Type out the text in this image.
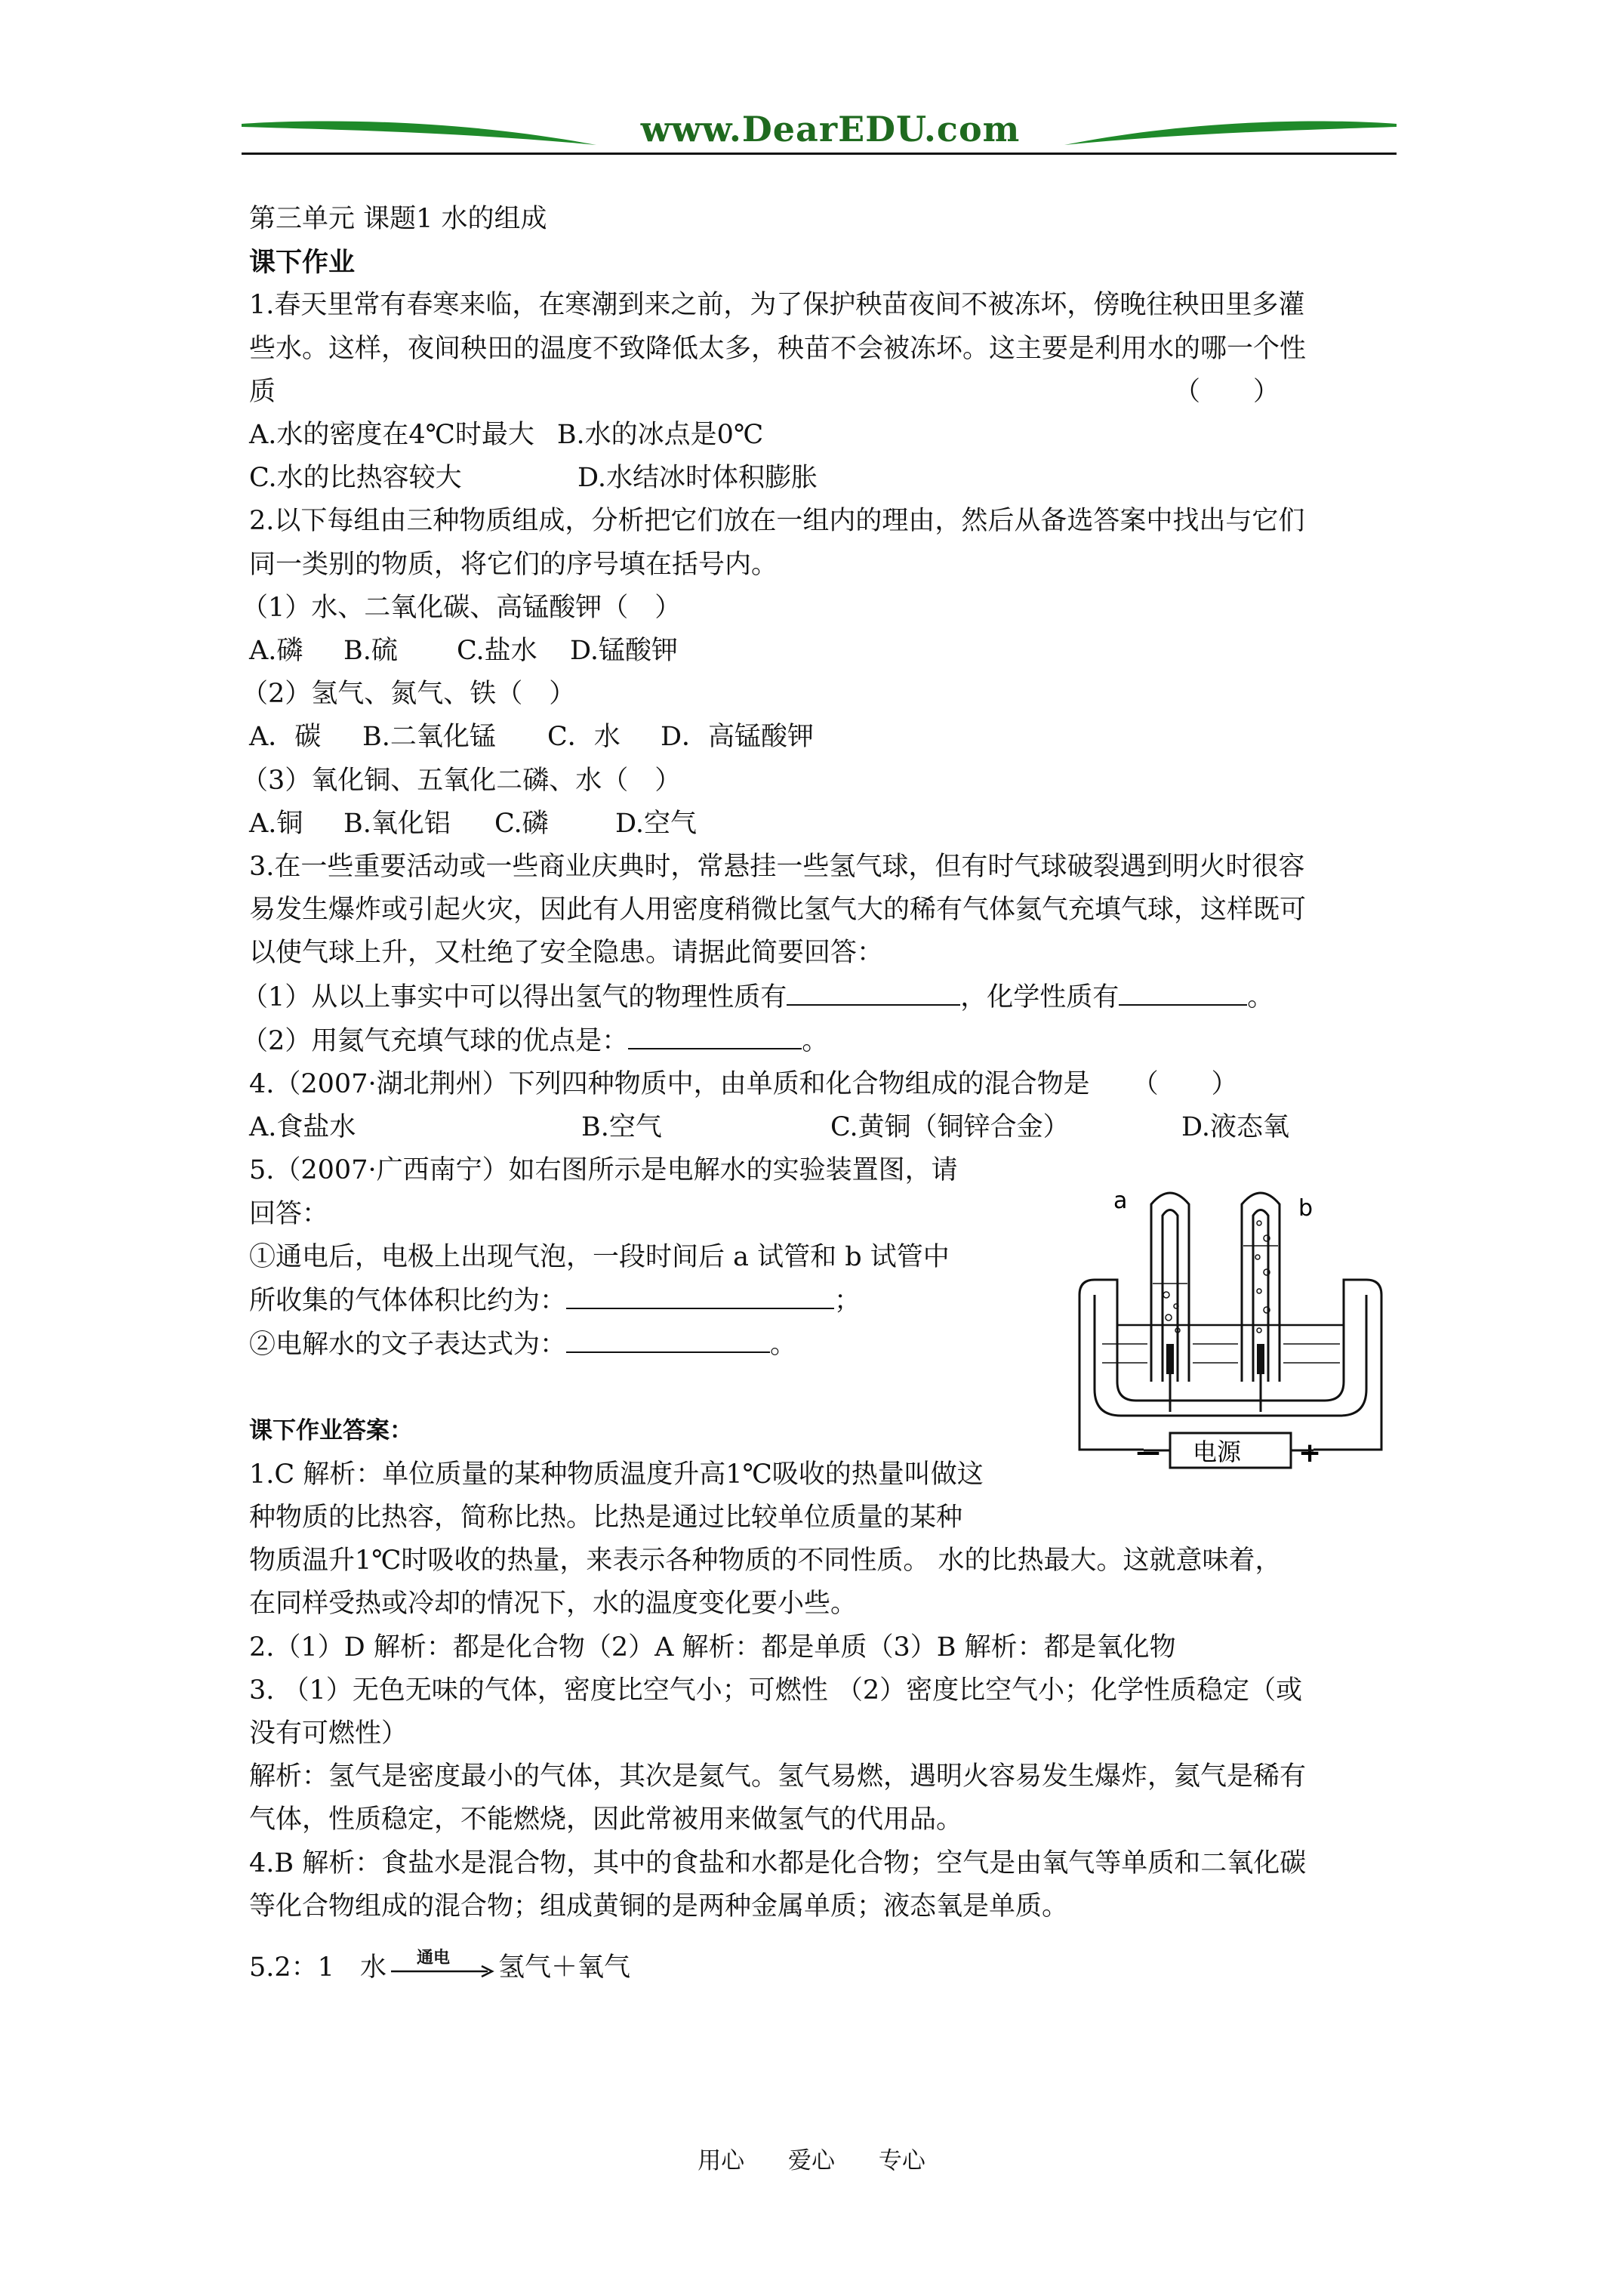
www.DearEDU.com

第三单元 课题1 水的组成

课下作业

1.春天里常有春寒来临，在寒潮到来之前，为了保护秧苗夜间不被冻坏，傍晚往秧田里多灌

些水。这样，夜间秧田的温度不致降低太多，秧苗不会被冻坏。这主要是利用水的哪一个性

质	（　　）

A.水的密度在4℃时最大 B.水的冰点是0℃

C.水的比热容较大	D.水结冰时体积膨胀

2.以下每组由三种物质组成，分析把它们放在一组内的理由，然后从备选答案中找出与它们

同一类别的物质，将它们的序号填在括号内。

（1）水、二氧化碳、高锰酸钾（　）

A.磷 B.硫 C.盐水 D.锰酸钾

（2）氢气、氮气、铁（　）

A．碳 B.二氧化锰 C．水 D．高锰酸钾

（3）氧化铜、五氧化二磷、水（　）

A.铜 B.氧化铝 C.磷	D.空气

3.在一些重要活动或一些商业庆典时，常悬挂一些氢气球，但有时气球破裂遇到明火时很容

易发生爆炸或引起火灾，因此有人用密度稍微比氢气大的稀有气体氦气充填气球，这样既可

以使气球上升，又杜绝了安全隐患。请据此简要回答：

（1）从以上事实中可以得出氢气的物理性质有	，化学性质有	。

（2）用氦气充填气球的优点是：	。

4.（2007·湖北荆州）下列四种物质中，由单质和化合物组成的混合物是 （　　）

A.食盐水	B.空气	C.黄铜（铜锌合金）	D.液态氧

5.（2007·广西南宁）如右图所示是电解水的实验装置图，请

回答：

①通电后，电极上出现气泡，一段时间后 a 试管和 b 试管中

所收集的气体体积比约为：	；

②电解水的文子表达式为：	。

课下作业答案：

1.C 解析：单位质量的某种物质温度升高1℃吸收的热量叫做这

种物质的比热容，简称比热。比热是通过比较单位质量的某种

物质温升1℃时吸收的热量，来表示各种物质的不同性质。 水的比热最大。这就意味着，

在同样受热或冷却的情况下，水的温度变化要小些。

2.（1）D 解析：都是化合物（2）A 解析：都是单质（3）B 解析：都是氧化物

3. （1）无色无味的气体，密度比空气小；可燃性 （2）密度比空气小；化学性质稳定（或

没有可燃性）

解析：氢气是密度最小的气体，其次是氦气。氢气易燃，遇明火容易发生爆炸，氦气是稀有

气体，性质稳定，不能燃烧，因此常被用来做氢气的代用品。

4.B 解析：食盐水是混合物，其中的食盐和水都是化合物；空气是由氧气等单质和二氧化碳

等化合物组成的混合物；组成黄铜的是两种金属单质；液态氧是单质。

5.2：1 水 通电 氢气＋氧气

a	b
— 电源 +
用心 爱心 专心
